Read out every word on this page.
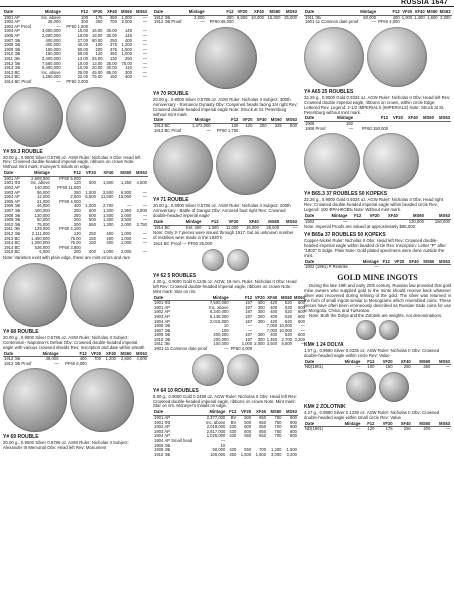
RUSSIA 1647
Date	Mintage	F12	VF20	XF40	MS60	MS63
1901 AP	Inc. above	100	175	350	1,000	—
1902 AP	36,000	300	400	700	2,000	—
1902 AP Proof	—	PF60 1,500				
1904 AP	3,000,000	10.00	16.00	30.00	145	—
1905 AP	2,000,000	10.00	16.00	30.00	145	—
1907 ЭБ	400,000	27.00	90.00	250	400	—
1908 ЭБ	400,000	40.00	100	375	1,200	—
1909 ЭБ	150,000	50.00	200	375	1,500	—
1910 ЭБ	150,000	50.00	120	350	1,000	—
1911 ЭБ	2,400,000	13.00	25.00	130	250	—
1912 ЭБ	7,560,000	10.00	13.00	25.00	75.00	—
1913 ЭБ	6,400,000	10.00	20.00	40.00	110	—
1913 ВС	Inc. above	25.00	45.00	85.00	300	—
1914 ВС	1,250,000	22.00	75.00	150	400	—
1914 ВС Proof	—	PF60 2,000				
Y# 59.3 ROUBLE

20.00 g., 0.9000 Silver 0.5786 oz. ASW Ruler: Nicholas II Obv: Head left Rev: Crowned double-headed imperial eagle, ribbons on crown Note: Without mint mark; moneyer's initials on edge.

Date	Mintage	F12	VF20	XF40	MS60	MS63
1901 AP	2,608,000	PF60 5,000				
1901 ФЗ	Inc. above	130	500	1,500	1,250	4,500
1902 AP	140,000	PF60 11,000				
1903 AP	56,000	250	1,000	2,500	6,500	—
1904 AP	12,000	2,000	5,500	11,500	15,000	—
1905 AP	21,000	PF60 4,000				
1906 ЭБ	46,000	400	1,000	2,700	—	—
1907 ЭБ	400,000	250	600	1,300	2,950	4,500
1908 ЭБ	130,000	250	600	1,500	2,000	—
1909 ЭБ	50,000	200	500	1,300	3,500	—
1910 ЭБ	75,000	200	550	1,300	2,000	3,750
1911 ЭБ	129,000	PF60 4,100				
1912 ЭБ	2,111,000	130	250	400	1,000	—
1913 ВС	1,400,000	75.00	150	400	1,000	—
1914 ВС	1,300,000	75.00	150	400	1,000	—
1914 ВС	536,000	PF60 3,800				
1915 ВС	5,000	200	400	1,000	2,000	—

Note: Varieties exist with plain edge, these are mint errors and rare

Y# 68 ROUBLE

20.00 g., 0.9000 Silver 0.5786 oz. ASW Ruler: Nicholas II Subject: Centennial - Napoleon's Defeat Obv: Crowned double-headed imperial eagle with various crowned shields Rev: Inscription and date within wreath

Date	Mintage	F12	VF20	XF40	MS60	MS63
1912 ЭБ	48,000	400	700	1,200	2,500	4,000
1912 ЭБ Proof	—	PF60 6,000				
Y# 69 ROUBLE

20.00 g., 0.9000 Silver 0.5786 oz. ASW Ruler: Nicholas II Subject: Alexander III Memorial Obv: Head left Rev: Monument

Date	Mintage	F12	VF20	XF40	MS60	MS63
1912 ЭБ	2,000	300	6,500	10,000	15,000	25,000
1912 ЭБ Proof	—	PF60 45,000				
Y# 70 ROUBLE

20.00 g., 0.9000 Silver 0.5786 oz. ASW Ruler: Nicholas II Subject: 300th Anniversary - Romanov Dynasty Obv: Conjoined heads facing 3/4 right Rev: Crowned double-headed imperial eagle Note: Struck at St. Petersburg without mint mark.

Date	Mintage	F12	VF20	XF40	MS60	MS63
1913 ВС	1,472,000	100	120	200	325	500
1913 ВС Proof	—	PF60 1,750				
Y# 71 ROUBLE

20.00 g., 0.9000 Silver 0.5786 oz. ASW Ruler: Nicholas II Subject: 200th Anniversary - Battle of Gangut Obv: Armored bust right Rev: Crowned double-headed imperial eagle

Date	Mintage	F12	VF20	XF40	MS60	MS63
1914 ВС	Est. 300	1,000	11,000	16,000	25,000	—

Note: Only 2-7 pieces were issued through 1917, but an unknown number of restrikes were made in the 1920's

1914 ВС Proof — PF60 25,000

Y# 62 5 ROUBLES

4.30 g., 0.9000 Gold 0.1245 oz. AGW, 18 mm. Ruler: Nicholas II Obv: Head left Rev: Crowned double-headed imperial eagle, ribbons on crown Note: Mint mark: Star on rim.

Date	Mintage	F12	VF20	XF40	MS60	MS63
1901 ФЗ	7,500,000	197	300	420	520	600
1901 АР	Inc. above	197	300	400	520	600
1902 АР	6,240,000	197	300	400	520	600
1903 АР	5,148,000	197	300	400	520	600
1904 АР	2,016,000	197	300	420	520	600
1906 ЭБ	10	—		7,000	10,000	—
1907 ЭБ	109	—		7,000	10,000	—
1909 ЭБ	200,000	197	300	400	520	600
1910 ЭБ	200,000	197	300	1,450	2,700	3,200
1911 ЭБ	100,000	1,000	2,000	3,500	5,800	—
1901-11 Common date proof	—	PF60 4,000				
Y# 64 10 ROUBLES

8.60 g., 0.9000 Gold 0.2489 oz. AGW Ruler: Nicholas II Obv: Head left Rev: Crowned double-headed imperial eagle, ribbons on crown Note: Mint mark: Star on rim. Moneyer's initials on edge.

Date	Mintage	F12	VF20	XF40	MS60	MS63
1901 АР	2,377,000	BV	500	650	750	900
1901 ФЗ	Inc. above	BV	500	650	750	900
1902 АР	2,019,000	430	600	650	700	800
1903 АР	2,817,000	430	600	650	750	800
1904 АР	1,025,000	430	550	650	700	800
1904 АР Small head	—					
1906 ЭБ	10					
1909 ЭБ	50,000	430	550	700	1,200	1,500
1910 ЭБ	100,000	450	1,500	1,600	3,000	3,200
Date	Mintage	F12	VF20	XF40	MS60	MS63
1911 ЭБ	50,000	400	1,000	1,400	1,600	2,000
1901-11 Common date proof	—	PF60 4,000				
Y# A65 25 ROUBLES

32.26 g., 0.9000 Gold 0.9334 oz. AGW Ruler: Nicholas II Obv: Head left Rev: Crowned double imperial eagle, ribbons on crown, within circle Edge: Lettered Rev. Legend: 2-1/2 IMPERIALS (IMPERIALS) Note: Struck at St. Petersburg without mint mark.

Date	Mintage	F12	VF20	XF40	MS60	MS63
1908	150					
1908 Proof	—	PF60 150,000				
Y# B65.3 37 ROUBLES 50 KOPEKS

32.26 g., 0.9000 Gold 0.9334 oz. AGW Ruler: Nicholas II Obv: Head right Rev: Crowned double-headed imperial eagle within beaded circle Rev. Legend: 100 ФРАНКОВЪ Note: Without mint mark.

Date	Mintage	F12	VF20	XF40	MS60	MS63
1902	—				120,000	150,000

Note: Imperial Proofs are valued at approximately $85,000

Y# B65a 37 ROUBLES 50 KOPEKS

Copper-Nickel Ruler: Nicholas II Obv: Head left Rev: Crowned double-headed imperial eagle within beaded circle Rev. Inscription: Letter "P" after "1902" G Edge: Plain Note: Gold plated specimens were done outside the mint.

Date	Mintage	F12	VF20	XF40	MS60	MS63
1902 (1991) P Restrike	—					
GOLD MINE INGOTS

During the late 19th and early 20th century, Russian law provided that gold mine owners who supplied gold to the mints should receive back whatever silver was recovered during refining of the gold. The silver was returned in the form of small ingots similar to Monograms which resembled coins. These pieces have often been erroneously described as Russian trade coins for use in Mongolia, China, and Turkestan.

Note: Both the Dolya and the Zolotnik are weights, not denominations.

KM# 1 24 DOLYA

1.07 g., 0.9990 Silver 0.0336 oz. ASW Ruler: Nicholas II Obv: Crowned double-headed eagle within circle Rev: Value

Date	Mintage	F12	VF20	XF40	MS60	MS63
ND(1901)	—	100	150	250	350	—
KM# 2 ZOLOTNIK

4.27 g., 0.9990 Silver 0.1339 oz. ASW Ruler: Nicholas II Obv: Crowned double-headed eagle within small circle Rev: Value

Date	Mintage	F12	VF20	XF40	MS60	MS63
ND(1901)	—	120	175	250	400	—
